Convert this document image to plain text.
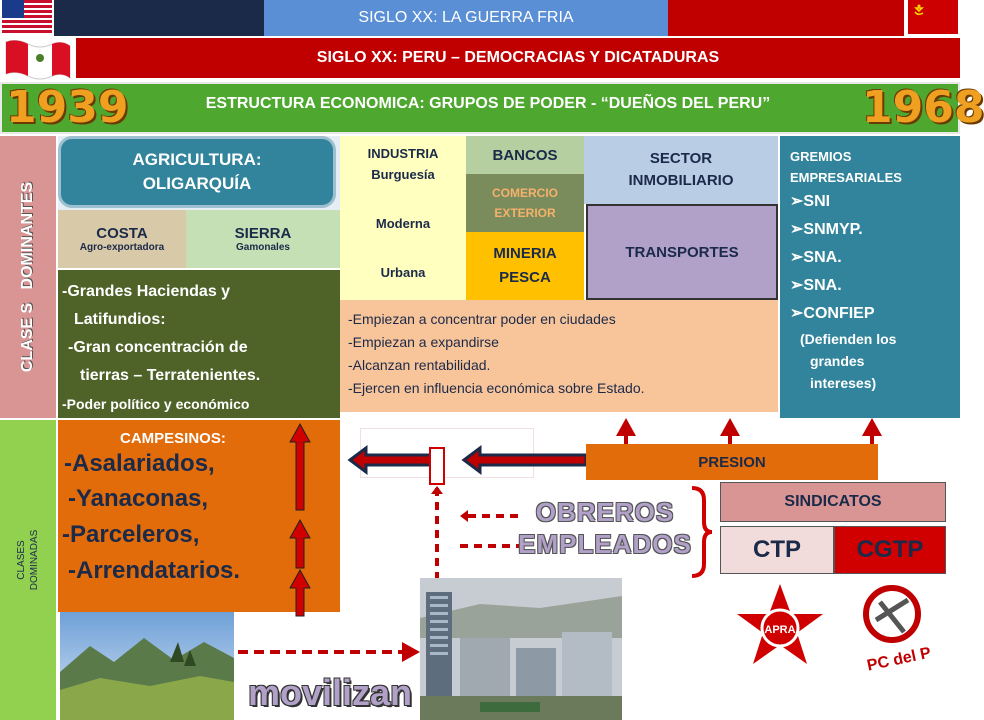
SIGLO XX: LA GUERRA FRIA
SIGLO XX: PERU – DEMOCRACIAS Y DICATADURAS
1939	1968
ESTRUCTURA ECONOMICA: GRUPOS DE PODER - “DUEÑOS DEL PERU”
CLASE S   DOMINANTES
CLASES DOMINADAS
AGRICULTURA:
OLIGARQUÍA
COSTA
Agro-exportadora
SIERRA
Gamonales
-Grandes Haciendas y
Latifundios:
-Gran concentración de
tierras – Terratenientes.
-Poder político y económico
INDUSTRIA
Burguesía
Moderna
Urbana
BANCOS
COMERCIO
EXTERIOR
MINERIA
PESCA
SECTOR
INMOBILIARIO
TRANSPORTES
GREMIOS
EMPRESARIALES
➢SNI
➢SNMYP.
➢SNA.
➢SNA.
➢CONFIEP
(Defienden los
grandes
intereses)
-Empiezan a concentrar poder en ciudades
-Empiezan a expandirse
-Alcanzan rentabilidad.
-Ejercen en influencia económica sobre Estado.
CAMPESINOS:
-Asalariados,
-Yanaconas,
-Parceleros,
-Arrendatarios.
PRESION
OBREROS
EMPLEADOS
SINDICATOS
CTP CGTP
APRA
PC del P
movilizan
